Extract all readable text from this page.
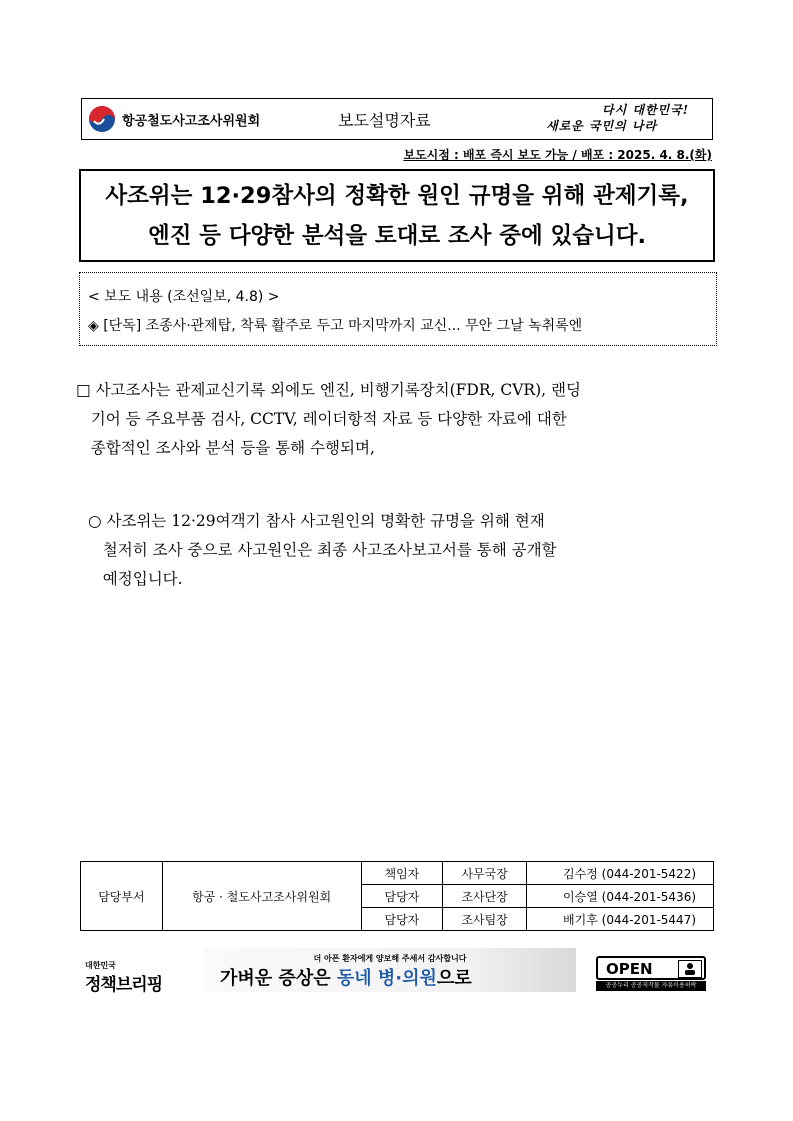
항공철도사고조사위원회	보도설명자료
다시 대한민국!
새로운 국민의 나라
보도시점 : 배포 즉시 보도 가능 / 배포 : 2025. 4. 8.(화)
사조위는 12·29참사의 정확한 원인 규명을 위해 관제기록,
엔진 등 다양한 분석을 토대로 조사 중에 있습니다.
< 보도 내용 (조선일보, 4.8) >
◈ [단독] 조종사·관제탑, 착륙 활주로 두고 마지막까지 교신... 무안 그날 녹취록엔
□ 사고조사는 관제교신기록 외에도 엔진, 비행기록장치(FDR, CVR), 랜딩
기어 등 주요부품 검사, CCTV, 레이더항적 자료 등 다양한 자료에 대한
종합적인 조사와 분석 등을 통해 수행되며,
○ 사조위는 12·29여객기 참사 사고원인의 명확한 규명을 위해 현재
철저히 조사 중으로 사고원인은 최종 사고조사보고서를 통해 공개할
예정입니다.
담당부서	항공 · 철도사고조사위원회	책임자	사무국장	김수정 (044-201-5422)
		담당자	조사단장	이승열 (044-201-5436)
		담당자	조사팀장	배기후 (044-201-5447)
대한민국
정책브리핑
더 아픈 환자에게 양보해 주세서 감사합니다
가벼운 증상은 동네 병·의원으로	OPEN
공공누리 공공저작물 자유이용허락
